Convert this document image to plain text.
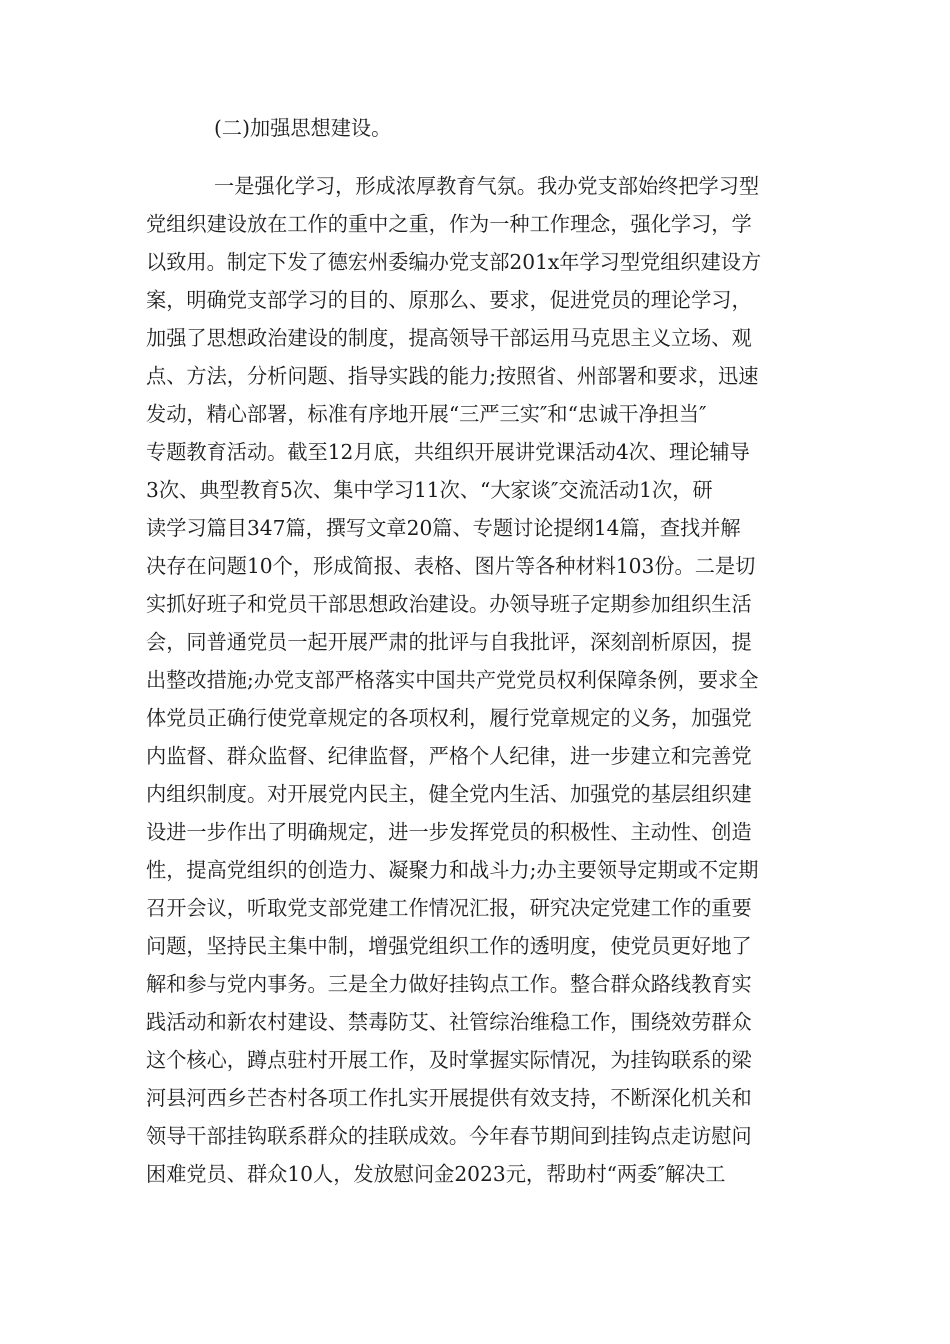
(二)加强思想建设。

一是强化学习，形成浓厚教育气氛。我办党支部始终把学习型

党组织建设放在工作的重中之重，作为一种工作理念，强化学习，学

以致用。制定下发了德宏州委编办党支部201x年学习型党组织建设方

案，明确党支部学习的目的、原那么、要求，促进党员的理论学习，

加强了思想政治建设的制度，提高领导干部运用马克思主义立场、观

点、方法，分析问题、指导实践的能力;按照省、州部署和要求，迅速

发动，精心部署，标准有序地开展“三严三实″和“忠诚干净担当″

专题教育活动。截至12月底，共组织开展讲党课活动4次、理论辅导

3次、典型教育5次、集中学习11次、“大家谈″交流活动1次，研

读学习篇目347篇，撰写文章20篇、专题讨论提纲14篇，查找并解

决存在问题10个，形成简报、表格、图片等各种材料103份。二是切

实抓好班子和党员干部思想政治建设。办领导班子定期参加组织生活

会，同普通党员一起开展严肃的批评与自我批评，深刻剖析原因，提

出整改措施;办党支部严格落实中国共产党党员权利保障条例，要求全

体党员正确行使党章规定的各项权利，履行党章规定的义务，加强党

内监督、群众监督、纪律监督，严格个人纪律，进一步建立和完善党

内组织制度。对开展党内民主，健全党内生活、加强党的基层组织建

设进一步作出了明确规定，进一步发挥党员的积极性、主动性、创造

性，提高党组织的创造力、凝聚力和战斗力;办主要领导定期或不定期

召开会议，听取党支部党建工作情况汇报，研究决定党建工作的重要

问题，坚持民主集中制，增强党组织工作的透明度，使党员更好地了

解和参与党内事务。三是全力做好挂钩点工作。整合群众路线教育实

践活动和新农村建设、禁毒防艾、社管综治维稳工作，围绕效劳群众

这个核心，蹲点驻村开展工作，及时掌握实际情况，为挂钩联系的梁

河县河西乡芒杏村各项工作扎实开展提供有效支持，不断深化机关和

领导干部挂钩联系群众的挂联成效。今年春节期间到挂钩点走访慰问

困难党员、群众10人，发放慰问金2023元，帮助村“两委″解决工
